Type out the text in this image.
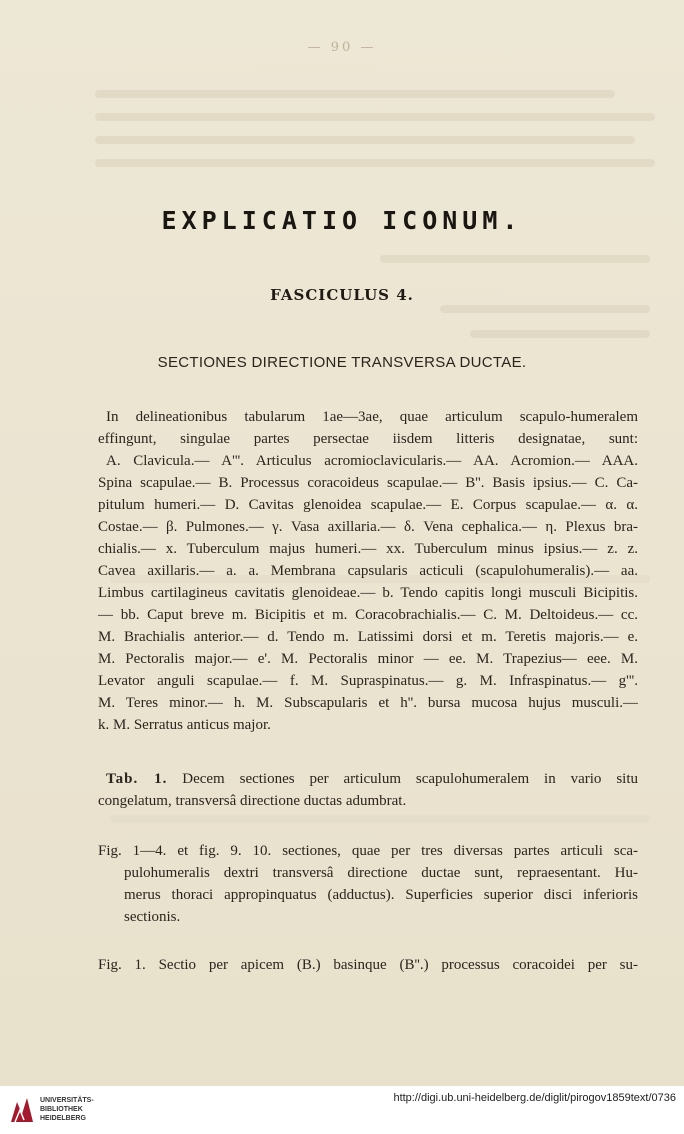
— 90 —
EXPLICATIO ICONUM.
FASCICULUS 4.
SECTIONES DIRECTIONE TRANSVERSA DUCTAE.
In delineationibus tabularum 1ae—3ae, quae articulum scapulo-humeralem
effingunt, singulae partes persectae iisdem litteris designatae, sunt:
A. Clavicula.— A'''. Articulus acromioclavicularis.— AA. Acromion.— AAA.
Spina scapulae.— B. Processus coracoideus scapulae.— B''. Basis ipsius.— C. Ca-
pitulum humeri.— D. Cavitas glenoidea scapulae.— E. Corpus scapulae.— α. α.
Costae.— β. Pulmones.— γ. Vasa axillaria.— δ. Vena cephalica.— η. Plexus bra-
chialis.— x. Tuberculum majus humeri.— xx. Tuberculum minus ipsius.— z. z.
Cavea axillaris.— a. a. Membrana capsularis acticuli (scapulohumeralis).— aa.
Limbus cartilagineus cavitatis glenoideae.— b. Tendo capitis longi musculi Bicipitis.
— bb. Caput breve m. Bicipitis et m. Coracobrachialis.— C. M. Deltoideus.— cc.
M. Brachialis anterior.— d. Tendo m. Latissimi dorsi et m. Teretis majoris.— e.
M. Pectoralis major.— e'. M. Pectoralis minor — ee. M. Trapezius— eee. M.
Levator anguli scapulae.— f. M. Supraspinatus.— g. M. Infraspinatus.— g'''.
M. Teres minor.— h. M. Subscapularis et h''. bursa mucosa hujus musculi.—
k. M. Serratus anticus major.
Tab. 1. Decem sectiones per articulum scapulohumeralem in vario situ
congelatum, transversâ directione ductas adumbrat.
Fig. 1—4. et fig. 9. 10. sectiones, quae per tres diversas partes articuli sca-
pulohumeralis dextri transversâ directione ductae sunt, repraesentant. Hu-
merus thoraci appropinquatus (adductus). Superficies superior disci inferioris
sectionis.
Fig. 1. Sectio per apicem (B.) basinque (B''.) processus coracoidei per su-
UNIVERSITÄTS-
BIBLIOTHEK
HEIDELBERG
http://digi.ub.uni-heidelberg.de/diglit/pirogov1859text/0736
